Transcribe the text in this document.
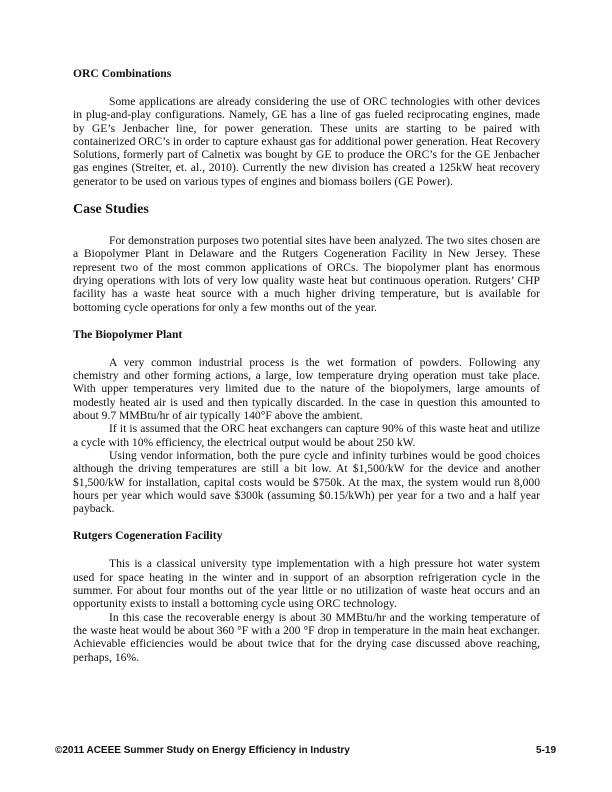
ORC Combinations

Some applications are already considering the use of ORC technologies with other devices in plug-and-play configurations. Namely, GE has a line of gas fueled reciprocating engines, made by GE’s Jenbacher line, for power generation. These units are starting to be paired with containerized ORC’s in order to capture exhaust gas for additional power generation. Heat Recovery Solutions, formerly part of Calnetix was bought by GE to produce the ORC’s for the GE Jenbacher gas engines (Streiter, et. al., 2010). Currently the new division has created a 125kW heat recovery generator to be used on various types of engines and biomass boilers (GE Power).

Case Studies

For demonstration purposes two potential sites have been analyzed. The two sites chosen are a Biopolymer Plant in Delaware and the Rutgers Cogeneration Facility in New Jersey. These represent two of the most common applications of ORCs. The biopolymer plant has enormous drying operations with lots of very low quality waste heat but continuous operation. Rutgers’ CHP facility has a waste heat source with a much higher driving temperature, but is available for bottoming cycle operations for only a few months out of the year.

The Biopolymer Plant

A very common industrial process is the wet formation of powders. Following any chemistry and other forming actions, a large, low temperature drying operation must take place. With upper temperatures very limited due to the nature of the biopolymers, large amounts of modestly heated air is used and then typically discarded. In the case in question this amounted to about 9.7 MMBtu/hr of air typically 140°F above the ambient.

If it is assumed that the ORC heat exchangers can capture 90% of this waste heat and utilize a cycle with 10% efficiency, the electrical output would be about 250 kW.

Using vendor information, both the pure cycle and infinity turbines would be good choices although the driving temperatures are still a bit low. At $1,500/kW for the device and another $1,500/kW for installation, capital costs would be $750k. At the max, the system would run 8,000 hours per year which would save $300k (assuming $0.15/kWh) per year for a two and a half year payback.

Rutgers Cogeneration Facility

This is a classical university type implementation with a high pressure hot water system used for space heating in the winter and in support of an absorption refrigeration cycle in the summer. For about four months out of the year little or no utilization of waste heat occurs and an opportunity exists to install a bottoming cycle using ORC technology.

In this case the recoverable energy is about 30 MMBtu/hr and the working temperature of the waste heat would be about 360 °F with a 200 °F drop in temperature in the main heat exchanger. Achievable efficiencies would be about twice that for the drying case discussed above reaching, perhaps, 16%.

©2011 ACEEE Summer Study on Energy Efficiency in Industry	5-19
